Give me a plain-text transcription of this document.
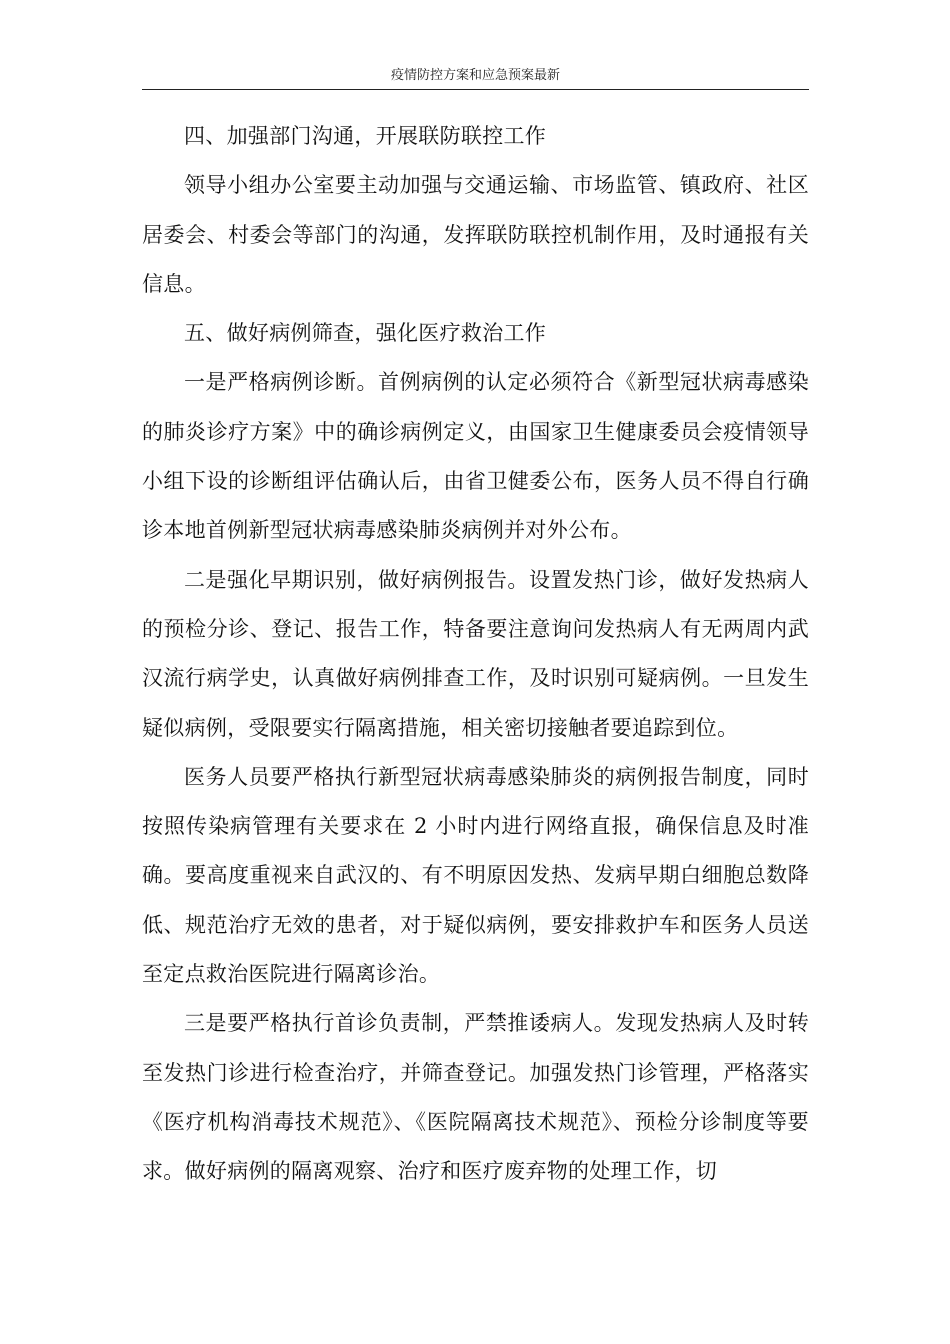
疫情防控方案和应急预案最新

四、加强部门沟通，开展联防联控工作

领导小组办公室要主动加强与交通运输、市场监管、镇政府、社区居委会、村委会等部门的沟通，发挥联防联控机制作用，及时通报有关信息。

五、做好病例筛查，强化医疗救治工作

一是严格病例诊断。首例病例的认定必须符合《新型冠状病毒感染的肺炎诊疗方案》中的确诊病例定义，由国家卫生健康委员会疫情领导小组下设的诊断组评估确认后，由省卫健委公布，医务人员不得自行确诊本地首例新型冠状病毒感染肺炎病例并对外公布。

二是强化早期识别，做好病例报告。设置发热门诊，做好发热病人的预检分诊、登记、报告工作，特备要注意询问发热病人有无两周内武汉流行病学史，认真做好病例排查工作，及时识别可疑病例。一旦发生疑似病例，受限要实行隔离措施，相关密切接触者要追踪到位。

医务人员要严格执行新型冠状病毒感染肺炎的病例报告制度，同时按照传染病管理有关要求在 2 小时内进行网络直报，确保信息及时准确。要高度重视来自武汉的、有不明原因发热、发病早期白细胞总数降低、规范治疗无效的患者，对于疑似病例，要安排救护车和医务人员送至定点救治医院进行隔离诊治。

三是要严格执行首诊负责制，严禁推诿病人。发现发热病人及时转至发热门诊进行检查治疗，并筛查登记。加强发热门诊管理，严格落实《医疗机构消毒技术规范》、《医院隔离技术规范》、预检分诊制度等要求。做好病例的隔离观察、治疗和医疗废弃物的处理工作，切
